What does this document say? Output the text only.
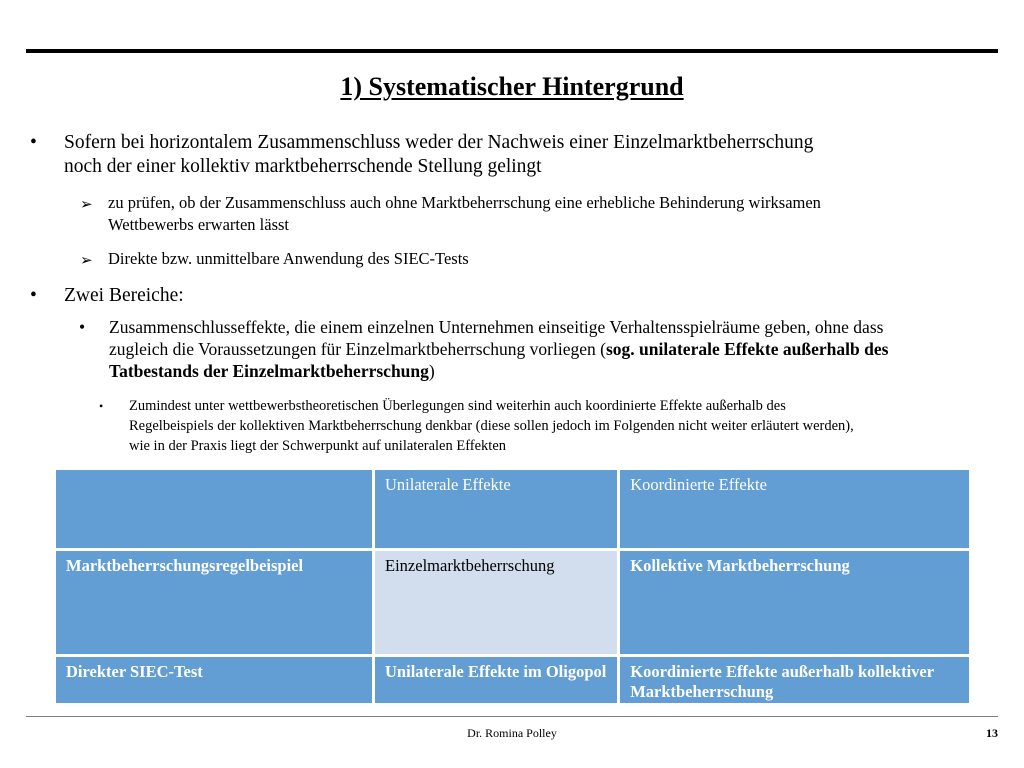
1) Systematischer Hintergrund
• Sofern bei horizontalem Zusammenschluss weder der Nachweis einer Einzelmarktbeherrschung
noch der einer kollektiv marktbeherrschende Stellung gelingt
➢ zu prüfen, ob der Zusammenschluss auch ohne Marktbeherrschung eine erhebliche Behinderung wirksamen
Wettbewerbs erwarten lässt
➢ Direkte bzw. unmittelbare Anwendung des SIEC-Tests
• Zwei Bereiche:
• Zusammenschlusseffekte, die einem einzelnen Unternehmen einseitige Verhaltensspielräume geben, ohne dass
zugleich die Voraussetzungen für Einzelmarktbeherrschung vorliegen (sog. unilaterale Effekte außerhalb des
Tatbestands der Einzelmarktbeherrschung)
• Zumindest unter wettbewerbstheoretischen Überlegungen sind weiterhin auch koordinierte Effekte außerhalb des
Regelbeispiels der kollektiven Marktbeherrschung denkbar (diese sollen jedoch im Folgenden nicht weiter erläutert werden),
wie in der Praxis liegt der Schwerpunkt auf unilateralen Effekten
	Unilaterale Effekte	Koordinierte Effekte
Marktbeherrschungsregelbeispiel	Einzelmarktbeherrschung	Kollektive Marktbeherrschung
Direkter SIEC-Test	Unilaterale Effekte im Oligopol	Koordinierte Effekte außerhalb kollektiver Marktbeherrschung
Dr. Romina Polley	13
